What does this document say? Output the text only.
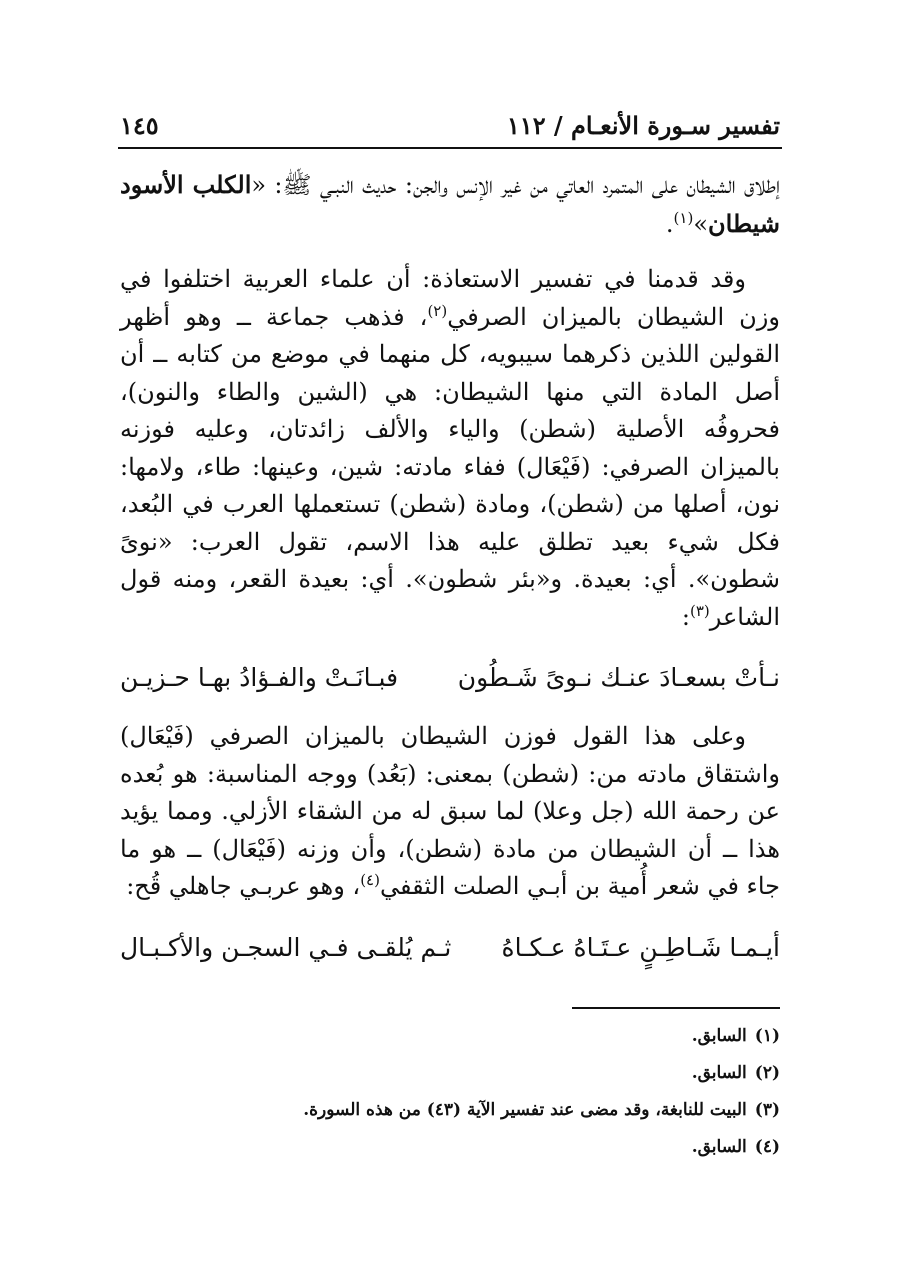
تفسير سـورة الأنعـام / ١١٢
١٤٥

إطلاق الشيطان على المتمرد العاتي من غير الإنس والجن: حديث النبـي ﷺ: «الكلب الأسود شيطان»$^{(١)}$.

وقد قدمنا في تفسير الاستعاذة: أن علماء العربية اختلفوا في وزن الشيطان بالميزان الصرفي$^{(٢)}$، فذهب جماعة ــ وهو أظهر القولين اللذين ذكرهما سيبويه، كل منهما في موضع من كتابه ــ أن أصل المادة التي منها الشيطان: هي (الشين والطاء والنون)، فحروفُه الأصلية (شطن) والياء والألف زائدتان، وعليه فوزنه بالميزان الصرفي: (فَيْعَال) ففاء مادته: شين، وعينها: طاء، ولامها: نون، أصلها من (شطن)، ومادة (شطن) تستعملها العرب في البُعد، فكل شيء بعيد تطلق عليه هذا الاسم، تقول العرب: «نوىً شطون». أي: بعيدة. و«بئر شطون». أي: بعيدة القعر، ومنه قول الشاعر$^{(٣)}$:

نـأتْ بسعـادَ عنـك نـوىً شَـطُون
فبـانَـتْ والفـؤادُ بهـا حـزيـن

وعلى هذا القول فوزن الشيطان بالميزان الصرفي (فَيْعَال) واشتقاق مادته من: (شطن) بمعنى: (بَعُد) ووجه المناسبة: هو بُعده عن رحمة الله (جل وعلا) لما سبق له من الشقاء الأزلي. ومما يؤيد هذا ــ أن الشيطان من مادة (شطن)، وأن وزنه (فَيْعَال) ــ هو ما جاء في شعر أُمية بن أبـي الصلت الثقفي$^{(٤)}$، وهو عربـي جاهلي قُح:

أيـمـا شَـاطِـنٍ عـتَـاهُ عـكـاهُ
ثـم يُلقـى فـي السجـن والأكـبـال
(١)
السابق.
(٢)
السابق.
(٣)
البيت للنابغة، وقد مضى عند تفسير الآية (٤٣) من هذه السورة.
(٤)
السابق.
